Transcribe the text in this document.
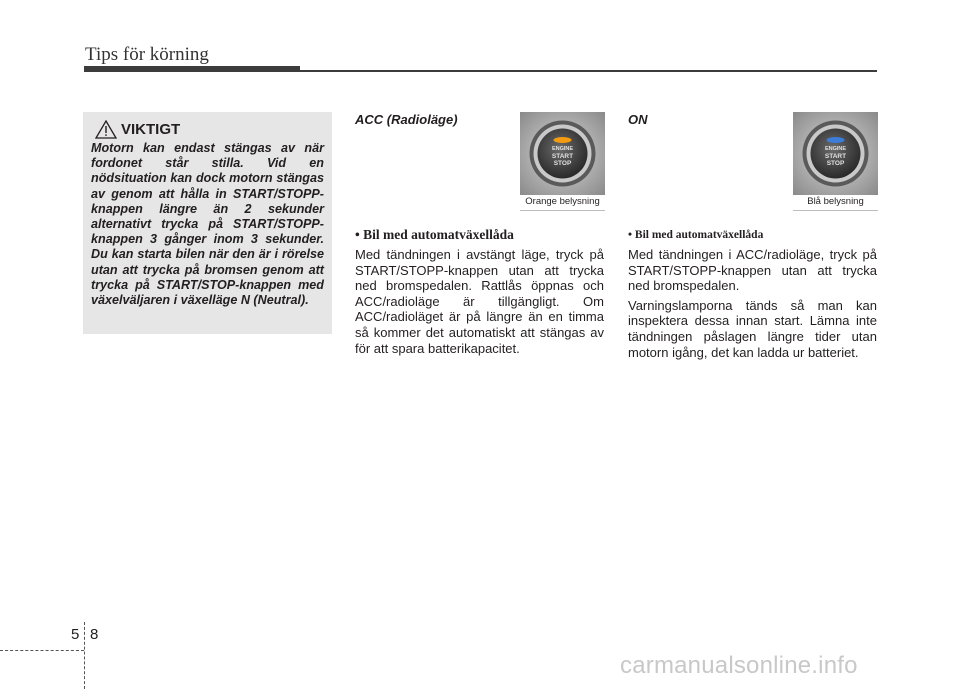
Tips för körning
VIKTIGT
Motorn kan endast stängas av när fordonet står stilla. Vid en nödsituation kan dock motorn stängas av genom att hålla in START/STOPP-knappen längre än 2 sekunder alternativt trycka på START/STOPP-knappen 3 gånger inom 3 sekunder. Du kan starta bilen när den är i rörelse utan att trycka på bromsen genom att trycka på START/STOP-knappen med växelväljaren i växelläge N (Neutral).
ACC (Radioläge)
ENGINE
START
STOP
Orange belysning
• Bil med automatväxellåda

Med tändningen i avstängt läge, tryck på START/STOPP-knappen utan att trycka ned bromspedalen. Rattlås öppnas och ACC/radioläge är tillgängligt. Om ACC/radioläget är på längre än en timma så kommer det automatiskt att stängas av för att spara batterikapacitet.

ON
ENGINE
START
STOP
Blå belysning
• Bil med automatväxellåda

Med tändningen i ACC/radioläge, tryck på START/STOPP-knappen utan att trycka ned bromspedalen.

Varningslamporna tänds så man kan inspektera dessa innan start. Lämna inte tändningen påslagen längre tider utan motorn igång, det kan ladda ur batteriet.

5 8
carmanualsonline.info
